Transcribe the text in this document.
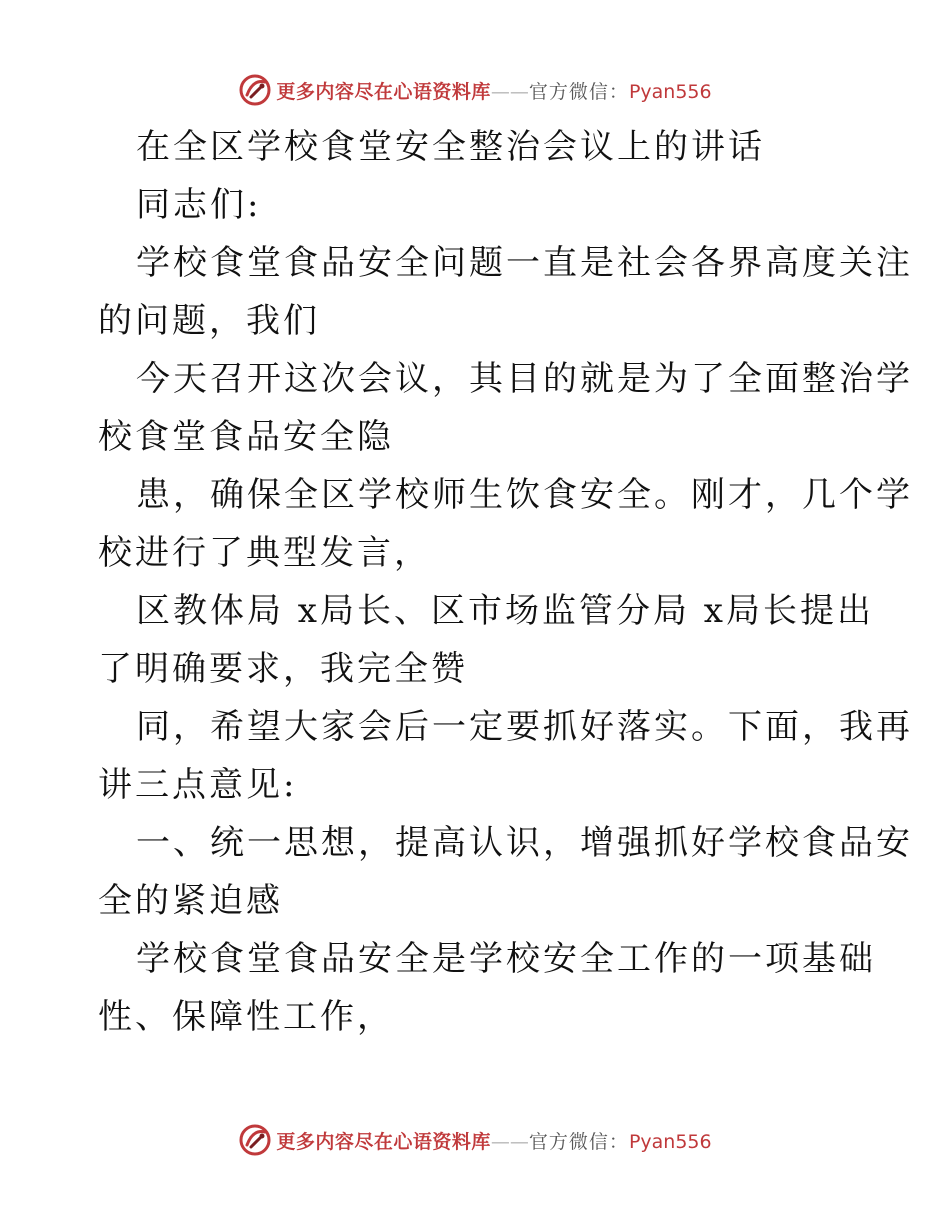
更多内容尽在心语资料库——官方微信：Pyan556
在全区学校食堂安全整治会议上的讲话
同志们:
学校食堂食品安全问题一直是社会各界高度关注
的问题，我们
今天召开这次会议，其目的就是为了全面整治学
校食堂食品安全隐
患，确保全区学校师生饮食安全。刚才，几个学
校进行了典型发言，
区教体局 x局长、区市场监管分局 x局长提出
了明确要求，我完全赞
同，希望大家会后一定要抓好落实。下面，我再
讲三点意见:
一、统一思想，提高认识，增强抓好学校食品安
全的紧迫感
学校食堂食品安全是学校安全工作的一项基础
性、保障性工作，
更多内容尽在心语资料库——官方微信：Pyan556
